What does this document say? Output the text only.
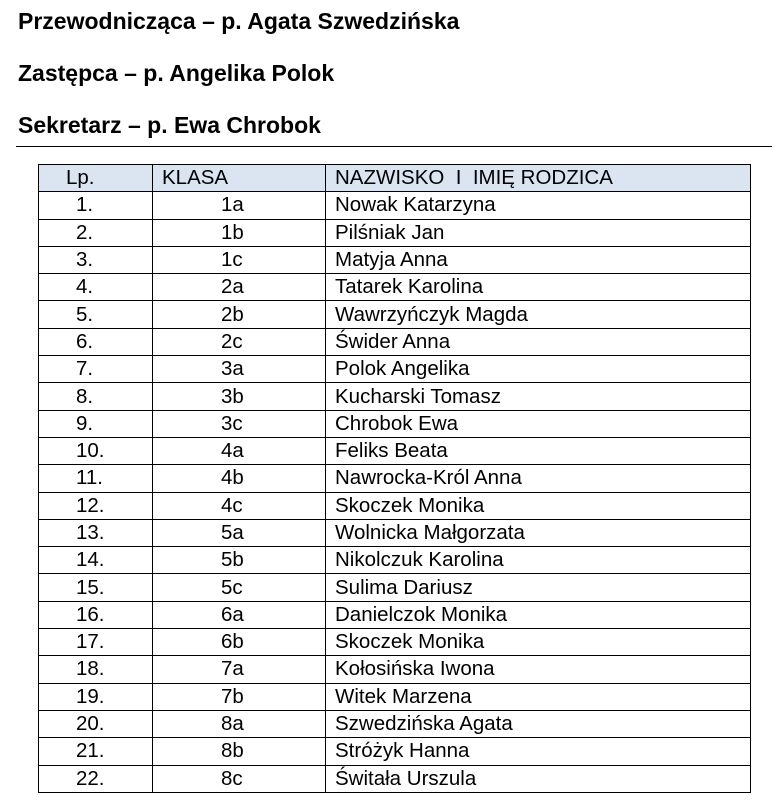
Przewodnicząca – p. Agata Szwedzińska

Zastępca – p. Angelika Polok

Sekretarz – p. Ewa Chrobok

Lp.	KLASA	NAZWISKO  I  IMIĘ RODZICA
1.	1a	Nowak Katarzyna
2.	1b	Pilśniak Jan
3.	1c	Matyja Anna
4.	2a	Tatarek Karolina
5.	2b	Wawrzyńczyk Magda
6.	2c	Świder Anna
7.	3a	Polok Angelika
8.	3b	Kucharski Tomasz
9.	3c	Chrobok Ewa
10.	4a	Feliks Beata
11.	4b	Nawrocka-Król Anna
12.	4c	Skoczek Monika
13.	5a	Wolnicka Małgorzata
14.	5b	Nikolczuk Karolina
15.	5c	Sulima Dariusz
16.	6a	Danielczok Monika
17.	6b	Skoczek Monika
18.	7a	Kołosińska Iwona
19.	7b	Witek Marzena
20.	8a	Szwedzińska Agata
21.	8b	Stróżyk Hanna
22.	8c	Świtała Urszula
